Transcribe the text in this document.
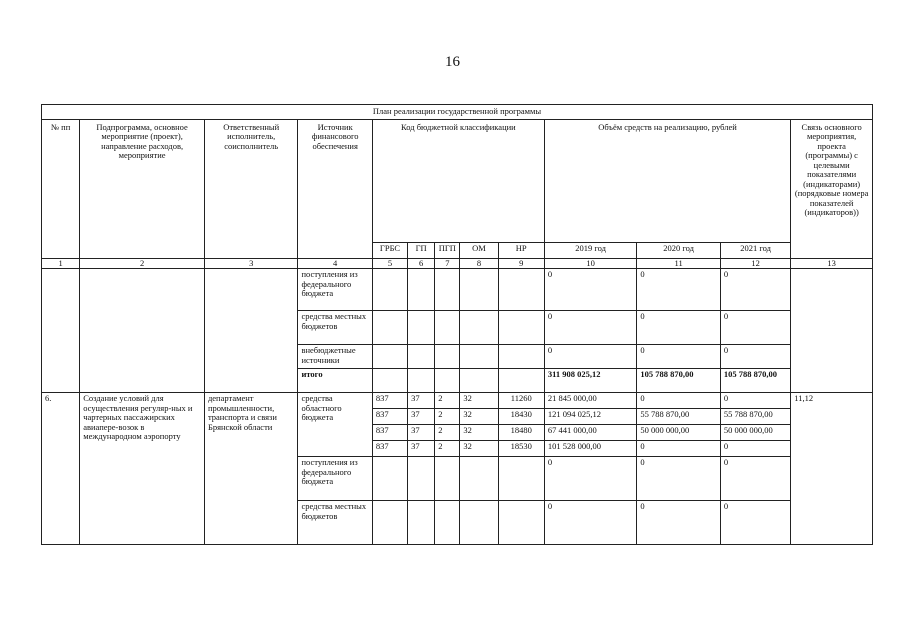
16
План реализации государственной программы												
№ пп	Подпрограмма, основное мероприятие (проект), направление расходов, мероприятие	Ответственный исполнитель, соисполнитель	Источник финансового обеспечения	Код бюджетной классификации					Объём средств на реализацию, рублей			Связь основного мероприятия, проекта (программы) с целевыми показателями (индикаторами) (порядковые номера показателей (индикаторов))
				ГРБС	ГП	ПГП	ОМ	НР	2019 год	2020 год	2021 год	
1	2	3	4	5	6	7	8	9	10	11	12	13
			поступления из федерального бюджета						0	0	0	
			средства местных бюджетов						0	0	0	
			внебюджетные источники						0	0	0	
			итого						311 908 025,12	105 788 870,00	105 788 870,00	
6.	Создание условий для осуществления регуляр-ных и чартерных пассажирских авиапере-возок в международном аэропорту	департамент промышленности, транспорта и связи Брянской области	средства областного бюджета	837	37	2	32	11260	21 845 000,00	0	0	11,12
				837	37	2	32	18430	121 094 025,12	55 788 870,00	55 788 870,00	
				837	37	2	32	18480	67 441 000,00	50 000 000,00	50 000 000,00	
				837	37	2	32	18530	101 528 000,00	0	0	
			поступления из федерального бюджета						0	0	0	
			средства местных бюджетов						0	0	0	
